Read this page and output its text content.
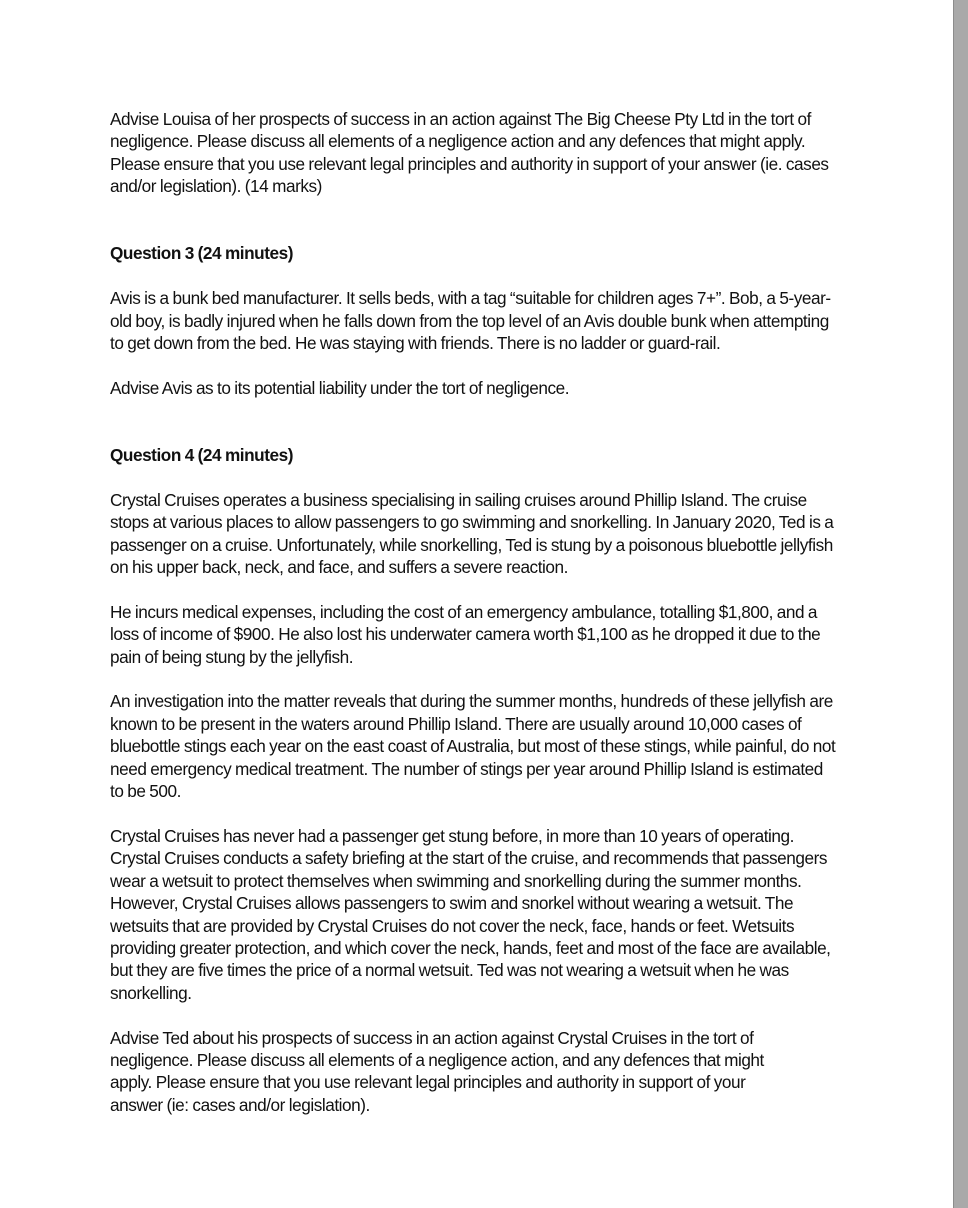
Advise Louisa of her prospects of success in an action against The Big Cheese Pty Ltd in the tort of negligence. Please discuss all elements of a negligence action and any defences that might apply. Please ensure that you use relevant legal principles and authority in support of your answer (ie. cases and/or legislation). (14 marks)

Question 3 (24 minutes)

Avis is a bunk bed manufacturer. It sells beds, with a tag “suitable for children ages 7+”. Bob, a 5-year-old boy, is badly injured when he falls down from the top level of an Avis double bunk when attempting to get down from the bed. He was staying with friends. There is no ladder or guard-rail.

Advise Avis as to its potential liability under the tort of negligence.

Question 4 (24 minutes)

Crystal Cruises operates a business specialising in sailing cruises around Phillip Island. The cruise stops at various places to allow passengers to go swimming and snorkelling. In January 2020, Ted is a passenger on a cruise. Unfortunately, while snorkelling, Ted is stung by a poisonous bluebottle jellyfish on his upper back, neck, and face, and suffers a severe reaction.

He incurs medical expenses, including the cost of an emergency ambulance, totalling $1,800, and a loss of income of $900. He also lost his underwater camera worth $1,100 as he dropped it due to the pain of being stung by the jellyfish.

An investigation into the matter reveals that during the summer months, hundreds of these jellyfish are known to be present in the waters around Phillip Island. There are usually around 10,000 cases of bluebottle stings each year on the east coast of Australia, but most of these stings, while painful, do not need emergency medical treatment. The number of stings per year around Phillip Island is estimated to be 500.

Crystal Cruises has never had a passenger get stung before, in more than 10 years of operating. Crystal Cruises conducts a safety briefing at the start of the cruise, and recommends that passengers wear a wetsuit to protect themselves when swimming and snorkelling during the summer months. However, Crystal Cruises allows passengers to swim and snorkel without wearing a wetsuit. The wetsuits that are provided by Crystal Cruises do not cover the neck, face, hands or feet. Wetsuits providing greater protection, and which cover the neck, hands, feet and most of the face are available, but they are five times the price of a normal wetsuit. Ted was not wearing a wetsuit when he was snorkelling.

Advise Ted about his prospects of success in an action against Crystal Cruises in the tort of negligence. Please discuss all elements of a negligence action, and any defences that might apply. Please ensure that you use relevant legal principles and authority in support of your answer (ie: cases and/or legislation).
